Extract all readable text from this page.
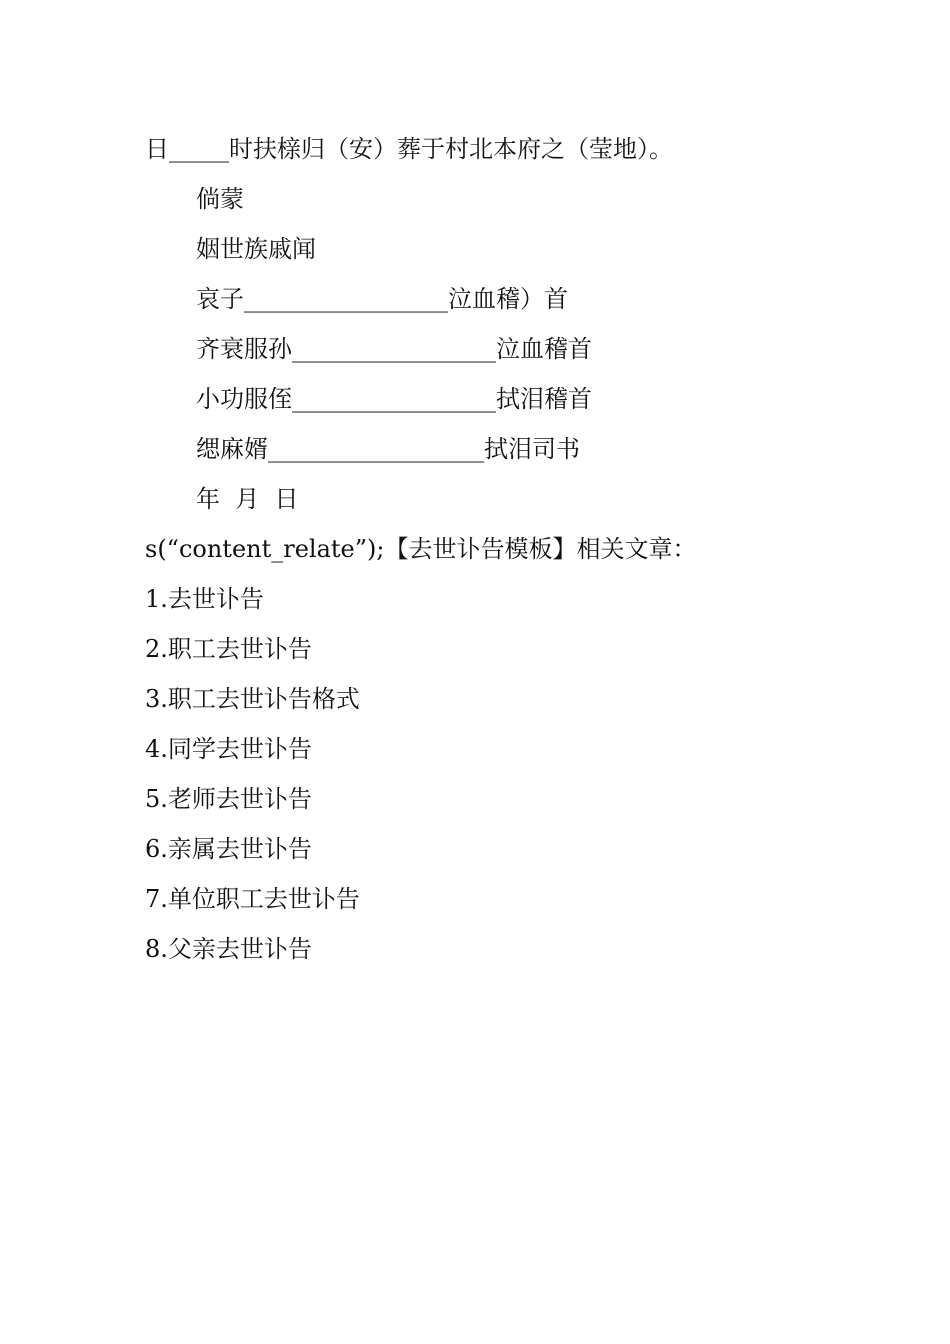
日_____时扶榇归（安）葬于村北本府之（莹地）。
倘蒙
姻世族戚闻
哀子_________________泣血稽）首
齐衰服孙_________________泣血稽首
小功服侄_________________拭泪稽首
缌麻婿__________________拭泪司书
年  月  日
s(“content_relate”);【去世讣告模板】相关文章：
1.去世讣告
2.职工去世讣告
3.职工去世讣告格式
4.同学去世讣告
5.老师去世讣告
6.亲属去世讣告
7.单位职工去世讣告
8.父亲去世讣告
